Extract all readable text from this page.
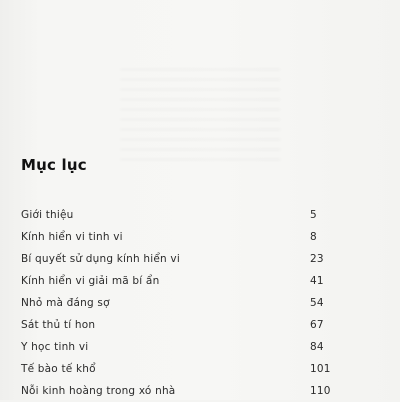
Mục lục
Giới thiệu	5
Kính hiển vi tinh vi	8
Bí quyết sử dụng kính hiển vi	23
Kính hiển vi giải mã bí ẩn	41
Nhỏ mà đáng sợ	54
Sát thủ tí hon	67
Y học tinh vi	84
Tế bào tế khổ	101
Nỗi kinh hoàng trong xó nhà	110
